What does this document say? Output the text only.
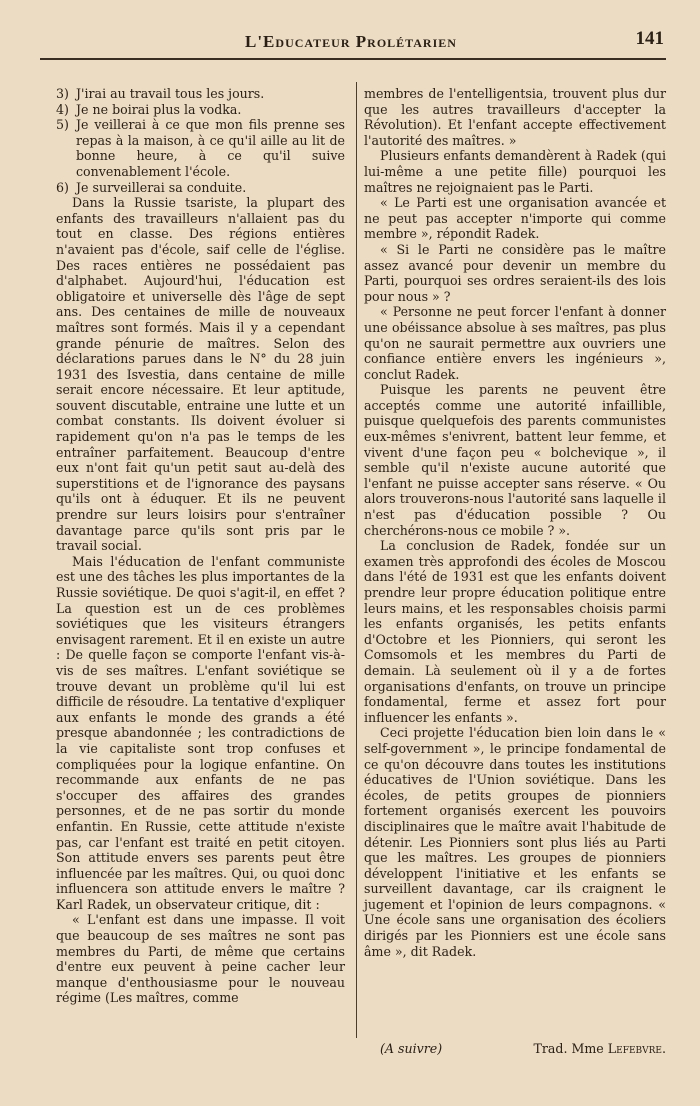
L'Educateur Prolétarien	141

3) J'irai au travail tous les jours.

4) Je ne boirai plus la vodka.

5) Je veillerai à ce que mon fils prenne ses repas à la maison, à ce qu'il aille au lit de bonne heure, à ce qu'il suive convenablement l'école.

6) Je surveillerai sa conduite.

Dans la Russie tsariste, la plupart des enfants des travailleurs n'allaient pas du tout en classe. Des régions entières n'avaient pas d'école, saif celle de l'église. Des races entières ne possédaient pas d'alphabet. Aujourd'hui, l'éducation est obligatoire et universelle dès l'âge de sept ans. Des centaines de mille de nouveaux maîtres sont formés. Mais il y a cependant grande pénurie de maîtres. Selon des déclarations parues dans le N° du 28 juin 1931 des Isvestia, dans centaine de mille serait encore nécessaire. Et leur aptitude, souvent discutable, entraine une lutte et un combat constants. Ils doivent évoluer si rapidement qu'on n'a pas le temps de les entraîner parfaitement. Beaucoup d'entre eux n'ont fait qu'un petit saut au-delà des superstitions et de l'ignorance des paysans qu'ils ont à éduquer. Et ils ne peuvent prendre sur leurs loisirs pour s'entraîner davantage parce qu'ils sont pris par le travail social.

Mais l'éducation de l'enfant communiste est une des tâches les plus importantes de la Russie soviétique. De quoi s'agit-il, en effet ? La question est un de ces problèmes soviétiques que les visiteurs étrangers envisagent rarement. Et il en existe un autre : De quelle façon se comporte l'enfant vis-à-vis de ses maîtres. L'enfant soviétique se trouve devant un problème qu'il lui est difficile de résoudre. La tentative d'expliquer aux enfants le monde des grands a été presque abandonnée ; les contradictions de la vie capitaliste sont trop confuses et compliquées pour la logique enfantine. On recommande aux enfants de ne pas s'occuper des affaires des grandes personnes, et de ne pas sortir du monde enfantin. En Russie, cette attitude n'existe pas, car l'enfant est traité en petit citoyen. Son attitude envers ses parents peut être influencée par les maîtres. Qui, ou quoi donc influencera son attitude envers le maître ? Karl Radek, un observateur critique, dit :

« L'enfant est dans une impasse. Il voit que beaucoup de ses maîtres ne sont pas membres du Parti, de même que certains d'entre eux peuvent à peine cacher leur manque d'enthousiasme pour le nouveau régime (Les maîtres, comme

membres de l'entelligentsia, trouvent plus dur que les autres travailleurs d'accepter la Révolution). Et l'enfant accepte effectivement l'autorité des maîtres. »

Plusieurs enfants demandèrent à Radek (qui lui-même a une petite fille) pourquoi les maîtres ne rejoignaient pas le Parti.

« Le Parti est une organisation avancée et ne peut pas accepter n'importe qui comme membre », répondit Radek.

« Si le Parti ne considère pas le maître assez avancé pour devenir un membre du Parti, pourquoi ses ordres seraient-ils des lois pour nous » ?

« Personne ne peut forcer l'enfant à donner une obéissance absolue à ses maîtres, pas plus qu'on ne saurait permettre aux ouvriers une confiance entière envers les ingénieurs », conclut Radek.

Puisque les parents ne peuvent être acceptés comme une autorité infaillible, puisque quelquefois des parents communistes eux-mêmes s'enivrent, battent leur femme, et vivent d'une façon peu « bolchevique », il semble qu'il n'existe aucune autorité que l'enfant ne puisse accepter sans réserve. « Ou alors trouverons-nous l'autorité sans laquelle il n'est pas d'éducation possible ? Ou cherchérons-nous ce mobile ? ».

La conclusion de Radek, fondée sur un examen très approfondi des écoles de Moscou dans l'été de 1931 est que les enfants doivent prendre leur propre éducation politique entre leurs mains, et les responsables choisis parmi les enfants organisés, les petits enfants d'Octobre et les Pionniers, qui seront les Comsomols et les membres du Parti de demain. Là seulement où il y a de fortes organisations d'enfants, on trouve un principe fondamental, ferme et assez fort pour influencer les enfants ».

Ceci projette l'éducation bien loin dans le « self-government », le principe fondamental de ce qu'on découvre dans toutes les institutions éducatives de l'Union soviétique. Dans les écoles, de petits groupes de pionniers fortement organisés exercent les pouvoirs disciplinaires que le maître avait l'habitude de détenir. Les Pionniers sont plus liés au Parti que les maîtres. Les groupes de pionniers développent l'initiative et les enfants se surveillent davantage, car ils craignent le jugement et l'opinion de leurs compagnons. « Une école sans une organisation des écoliers dirigés par les Pionniers est une école sans âme », dit Radek.

(A suivre)	Trad. Mme Lefebvre.
